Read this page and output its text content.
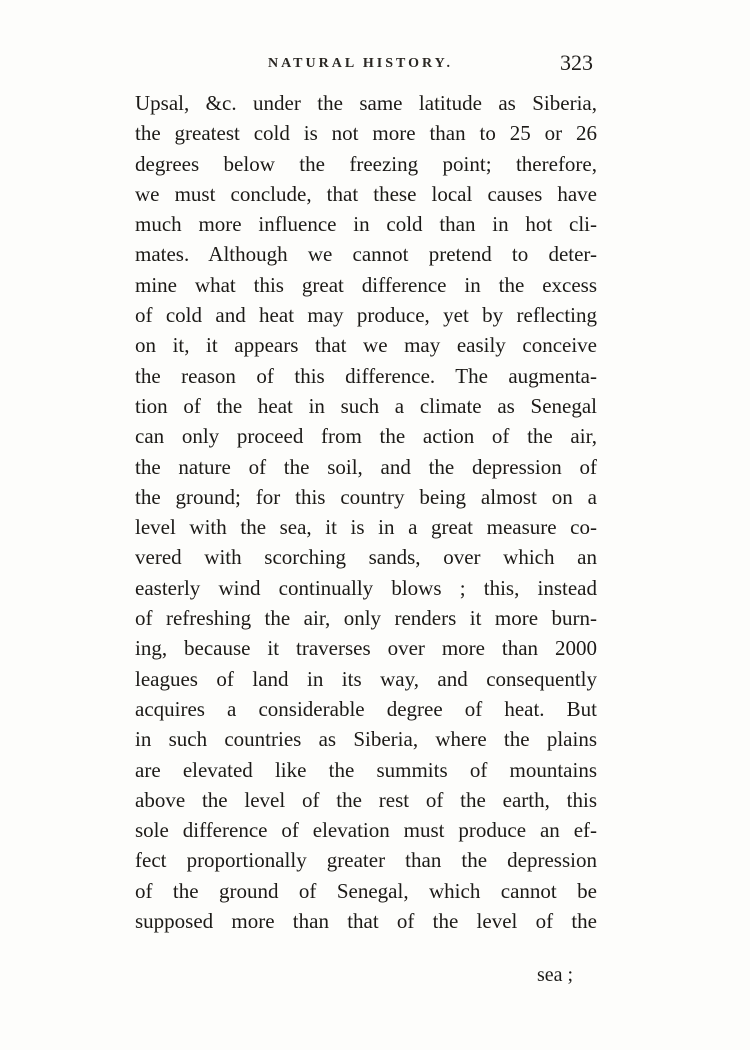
NATURAL HISTORY.	323
Upsal, &c. under the same latitude as Siberia,
the greatest cold is not more than to 25 or 26
degrees below the freezing point; therefore,
we must conclude, that these local causes have
much more influence in cold than in hot cli-
mates. Although we cannot pretend to deter-
mine what this great difference in the excess
of cold and heat may produce, yet by reflecting
on it, it appears that we may easily conceive
the reason of this difference. The augmenta-
tion of the heat in such a climate as Senegal
can only proceed from the action of the air,
the nature of the soil, and the depression of
the ground; for this country being almost on a
level with the sea, it is in a great measure co-
vered with scorching sands, over which an
easterly wind continually blows ; this, instead
of refreshing the air, only renders it more burn-
ing, because it traverses over more than 2000
leagues of land in its way, and consequently
acquires a considerable degree of heat. But
in such countries as Siberia, where the plains
are elevated like the summits of mountains
above the level of the rest of the earth, this
sole difference of elevation must produce an ef-
fect proportionally greater than the depression
of the ground of Senegal, which cannot be
supposed more than that of the level of the
sea ;
